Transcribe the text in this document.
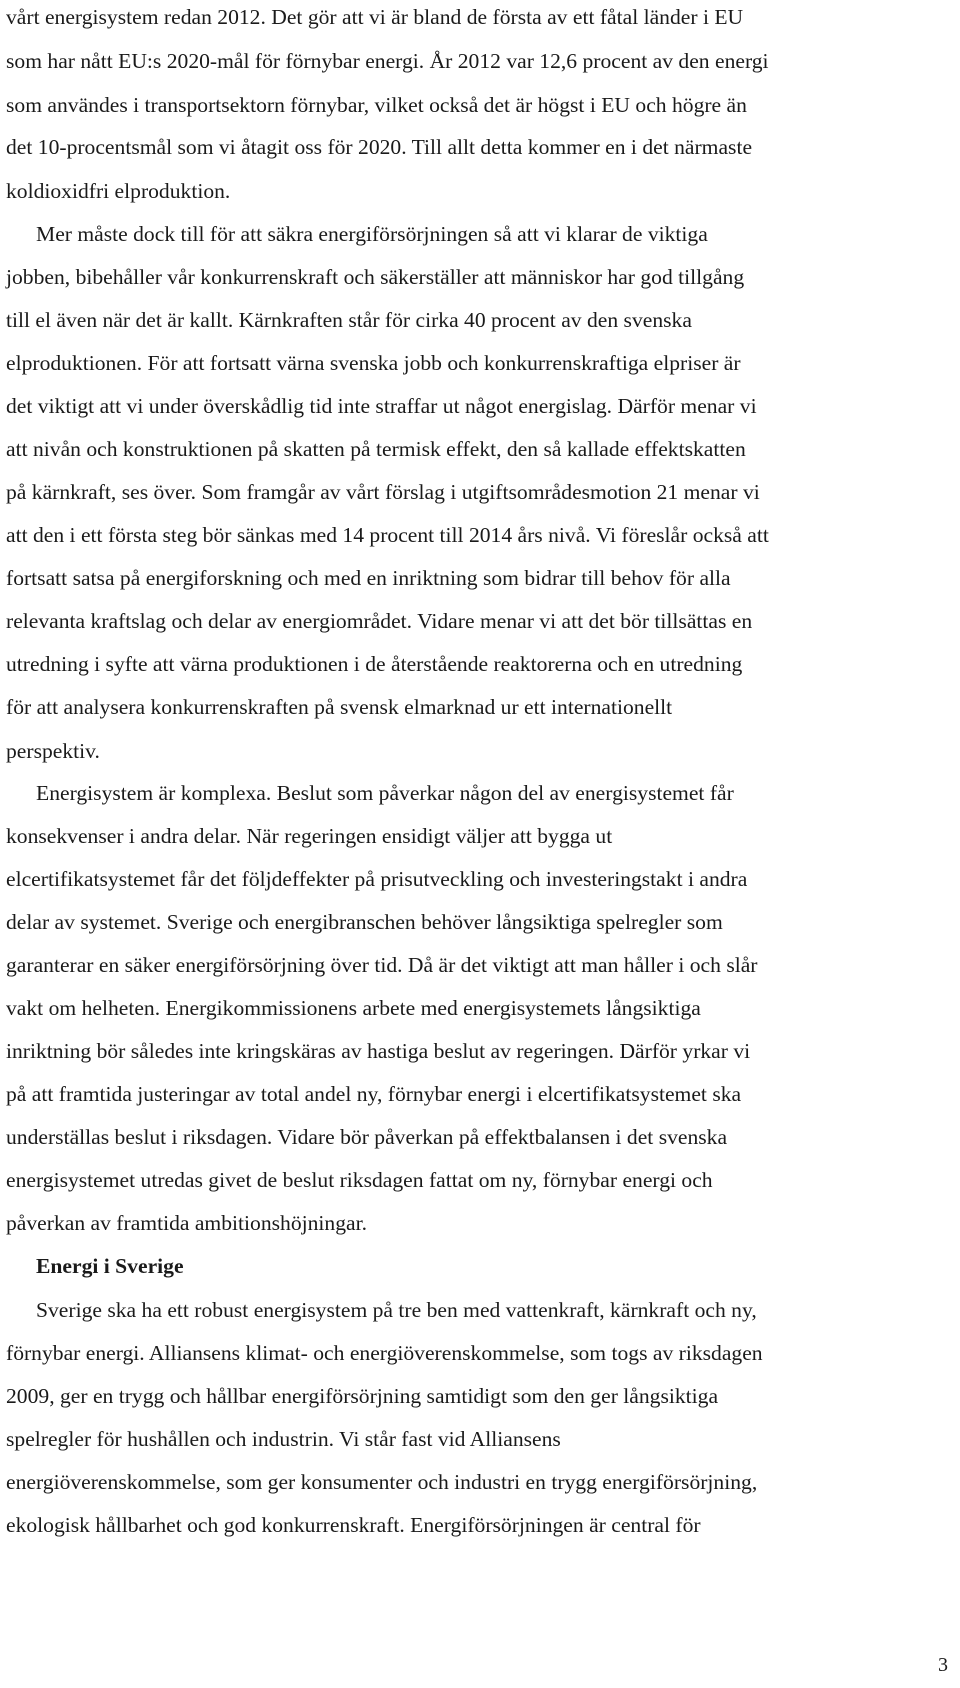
vårt energisystem redan 2012. Det gör att vi är bland de första av ett fåtal länder i EU
som har nått EU:s 2020-mål för förnybar energi. År 2012 var 12,6 procent av den energi
som användes i transportsektorn förnybar, vilket också det är högst i EU och högre än
det 10-procentsmål som vi åtagit oss för 2020. Till allt detta kommer en i det närmaste
koldioxidfri elproduktion.
Mer måste dock till för att säkra energiförsörjningen så att vi klarar de viktiga
jobben, bibehåller vår konkurrenskraft och säkerställer att människor har god tillgång
till el även när det är kallt. Kärnkraften står för cirka 40 procent av den svenska
elproduktionen. För att fortsatt värna svenska jobb och konkurrenskraftiga elpriser är
det viktigt att vi under överskådlig tid inte straffar ut något energislag. Därför menar vi
att nivån och konstruktionen på skatten på termisk effekt, den så kallade effektskatten
på kärnkraft, ses över. Som framgår av vårt förslag i utgiftsområdesmotion 21 menar vi
att den i ett första steg bör sänkas med 14 procent till 2014 års nivå. Vi föreslår också att
fortsatt satsa på energiforskning och med en inriktning som bidrar till behov för alla
relevanta kraftslag och delar av energiområdet. Vidare menar vi att det bör tillsättas en
utredning i syfte att värna produktionen i de återstående reaktorerna och en utredning
för att analysera konkurrenskraften på svensk elmarknad ur ett internationellt
perspektiv.
Energisystem är komplexa. Beslut som påverkar någon del av energisystemet får
konsekvenser i andra delar. När regeringen ensidigt väljer att bygga ut
elcertifikatsystemet får det följdeffekter på prisutveckling och investeringstakt i andra
delar av systemet. Sverige och energibranschen behöver långsiktiga spelregler som
garanterar en säker energiförsörjning över tid. Då är det viktigt att man håller i och slår
vakt om helheten. Energikommissionens arbete med energisystemets långsiktiga
inriktning bör således inte kringskäras av hastiga beslut av regeringen. Därför yrkar vi
på att framtida justeringar av total andel ny, förnybar energi i elcertifikatsystemet ska
underställas beslut i riksdagen. Vidare bör påverkan på effektbalansen i det svenska
energisystemet utredas givet de beslut riksdagen fattat om ny, förnybar energi och
påverkan av framtida ambitionshöjningar.
Energi i Sverige
Sverige ska ha ett robust energisystem på tre ben med vattenkraft, kärnkraft och ny,
förnybar energi. Alliansens klimat- och energiöverenskommelse, som togs av riksdagen
2009, ger en trygg och hållbar energiförsörjning samtidigt som den ger långsiktiga
spelregler för hushållen och industrin. Vi står fast vid Alliansens
energiöverenskommelse, som ger konsumenter och industri en trygg energiförsörjning,
ekologisk hållbarhet och god konkurrenskraft. Energiförsörjningen är central för
3
